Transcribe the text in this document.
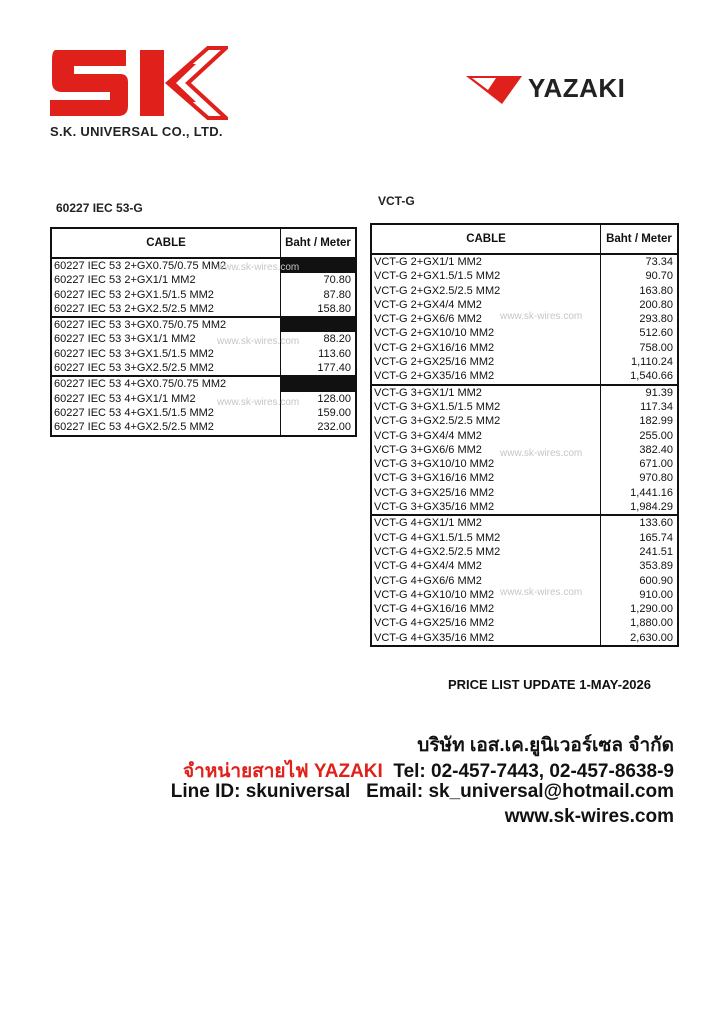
S.K. UNIVERSAL CO., LTD.
YAZAKI
60227 IEC 53-G	VCT-G
CABLE	Baht / Meter
60227 IEC 53 2+GX0.75/0.75 MM2	
60227 IEC 53 2+GX1/1 MM2	70.80
60227 IEC 53 2+GX1.5/1.5 MM2	87.80
60227 IEC 53 2+GX2.5/2.5 MM2	158.80
60227 IEC 53 3+GX0.75/0.75 MM2	
60227 IEC 53 3+GX1/1 MM2	88.20
60227 IEC 53 3+GX1.5/1.5 MM2	113.60
60227 IEC 53 3+GX2.5/2.5 MM2	177.40
60227 IEC 53 4+GX0.75/0.75 MM2	
60227 IEC 53 4+GX1/1 MM2	128.00
60227 IEC 53 4+GX1.5/1.5 MM2	159.00
60227 IEC 53 4+GX2.5/2.5 MM2	232.00
CABLE	Baht / Meter
VCT-G 2+GX1/1 MM2	73.34
VCT-G 2+GX1.5/1.5 MM2	90.70
VCT-G 2+GX2.5/2.5 MM2	163.80
VCT-G 2+GX4/4 MM2	200.80
VCT-G 2+GX6/6 MM2	293.80
VCT-G 2+GX10/10 MM2	512.60
VCT-G 2+GX16/16 MM2	758.00
VCT-G 2+GX25/16 MM2	1,110.24
VCT-G 2+GX35/16 MM2	1,540.66
VCT-G 3+GX1/1 MM2	91.39
VCT-G 3+GX1.5/1.5 MM2	117.34
VCT-G 3+GX2.5/2.5 MM2	182.99
VCT-G 3+GX4/4 MM2	255.00
VCT-G 3+GX6/6 MM2	382.40
VCT-G 3+GX10/10 MM2	671.00
VCT-G 3+GX16/16 MM2	970.80
VCT-G 3+GX25/16 MM2	1,441.16
VCT-G 3+GX35/16 MM2	1,984.29
VCT-G 4+GX1/1 MM2	133.60
VCT-G 4+GX1.5/1.5 MM2	165.74
VCT-G 4+GX2.5/2.5 MM2	241.51
VCT-G 4+GX4/4 MM2	353.89
VCT-G 4+GX6/6 MM2	600.90
VCT-G 4+GX10/10 MM2	910.00
VCT-G 4+GX16/16 MM2	1,290.00
VCT-G 4+GX25/16 MM2	1,880.00
VCT-G 4+GX35/16 MM2	2,630.00
www.sk-wires.com
www.sk-wires.com
www.sk-wires.com
www.sk-wires.com
www.sk-wires.com
www.sk-wires.com
PRICE LIST UPDATE 1-MAY-2026
บริษัท เอส.เค.ยูนิเวอร์เซล จำกัด
จำหน่ายสายไฟ YAZAKI Tel: 02-457-7443, 02-457-8638-9
Line ID: skuniversal Email: sk_universal@hotmail.com
www.sk-wires.com
